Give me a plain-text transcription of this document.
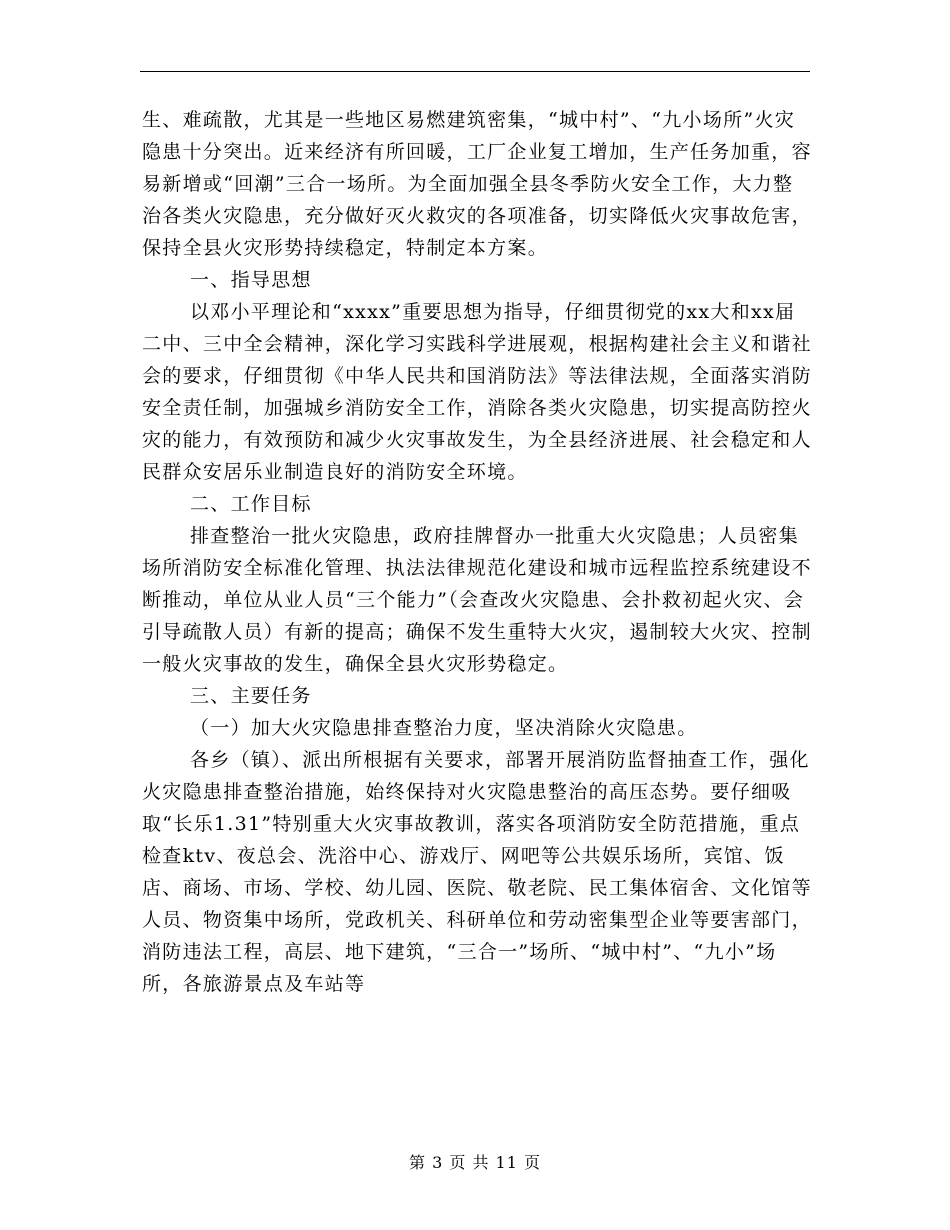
生、难疏散，尤其是一些地区易燃建筑密集，“城中村”、“九小场所”火灾隐患十分突出。近来经济有所回暖，工厂企业复工增加，生产任务加重，容易新增或“回潮”三合一场所。为全面加强全县冬季防火安全工作，大力整治各类火灾隐患，充分做好灭火救灾的各项准备，切实降低火灾事故危害，保持全县火灾形势持续稳定，特制定本方案。

一、指导思想

以邓小平理论和“xxxx”重要思想为指导，仔细贯彻党的xx大和xx届二中、三中全会精神，深化学习实践科学进展观，根据构建社会主义和谐社会的要求，仔细贯彻《中华人民共和国消防法》等法律法规，全面落实消防安全责任制，加强城乡消防安全工作，消除各类火灾隐患，切实提高防控火灾的能力，有效预防和减少火灾事故发生，为全县经济进展、社会稳定和人民群众安居乐业制造良好的消防安全环境。

二、工作目标

排查整治一批火灾隐患，政府挂牌督办一批重大火灾隐患；人员密集场所消防安全标准化管理、执法法律规范化建设和城市远程监控系统建设不断推动，单位从业人员“三个能力”（会查改火灾隐患、会扑救初起火灾、会引导疏散人员）有新的提高；确保不发生重特大火灾，遏制较大火灾、控制一般火灾事故的发生，确保全县火灾形势稳定。

三、主要任务

（一）加大火灾隐患排查整治力度，坚决消除火灾隐患。

各乡（镇）、派出所根据有关要求，部署开展消防监督抽查工作，强化火灾隐患排查整治措施，始终保持对火灾隐患整治的高压态势。要仔细吸取“长乐1.31”特别重大火灾事故教训，落实各项消防安全防范措施，重点检查ktv、夜总会、洗浴中心、游戏厅、网吧等公共娱乐场所，宾馆、饭店、商场、市场、学校、幼儿园、医院、敬老院、民工集体宿舍、文化馆等人员、物资集中场所，党政机关、科研单位和劳动密集型企业等要害部门，消防违法工程，高层、地下建筑，“三合一”场所、“城中村”、“九小”场所，各旅游景点及车站等

第 3 页 共 11 页
